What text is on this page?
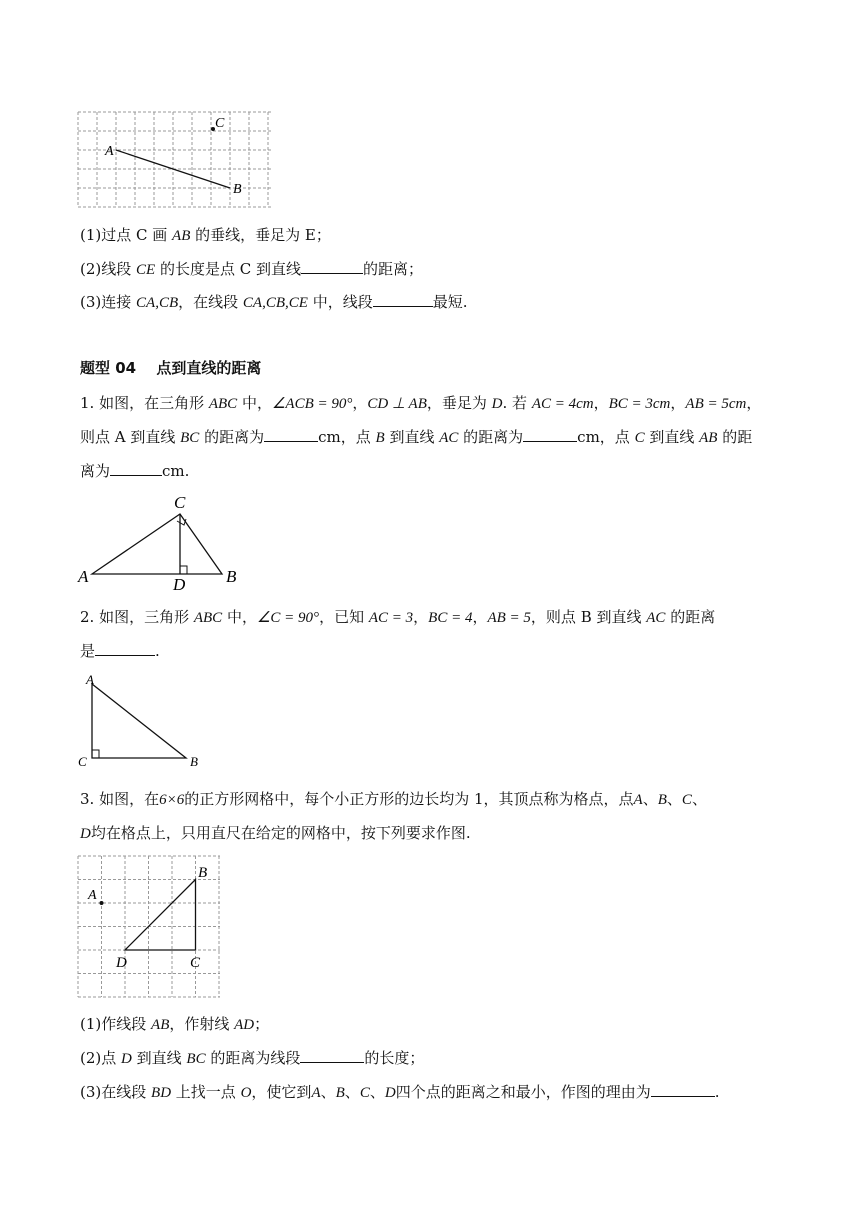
C
A
B
(1)过点 C 画 AB 的垂线，垂足为 E；
(2)线段 CE 的长度是点 C 到直线	的距离；
(3)连接 CA,CB，在线段 CA,CB,CE 中，线段	最短.
题型 04　 点到直线的距离
1. 如图，在三角形 ABC 中，∠ACB = 90°，CD ⊥ AB，垂足为 D. 若 AC = 4cm，BC = 3cm，AB = 5cm，
则点 A 到直线 BC 的距离为	cm，点 B 到直线 AC 的距离为	cm，点 C 到直线 AB 的距
离为	cm.
C
A	B
D
2. 如图，三角形 ABC 中，∠C = 90°，已知 AC = 3，BC = 4，AB = 5，则点 B 到直线 AC 的距离
是	.
A
C	B
3. 如图，在6×6的正方形网格中，每个小正方形的边长均为 1，其顶点称为格点，点A、B、C、
D均在格点上，只用直尺在给定的网格中，按下列要求作图.
A
B
C
D
(1)作线段 AB，作射线 AD；
(2)点 D 到直线 BC 的距离为线段	的长度；
(3)在线段 BD 上找一点 O，使它到A、B、C、D四个点的距离之和最小，作图的理由为	.
